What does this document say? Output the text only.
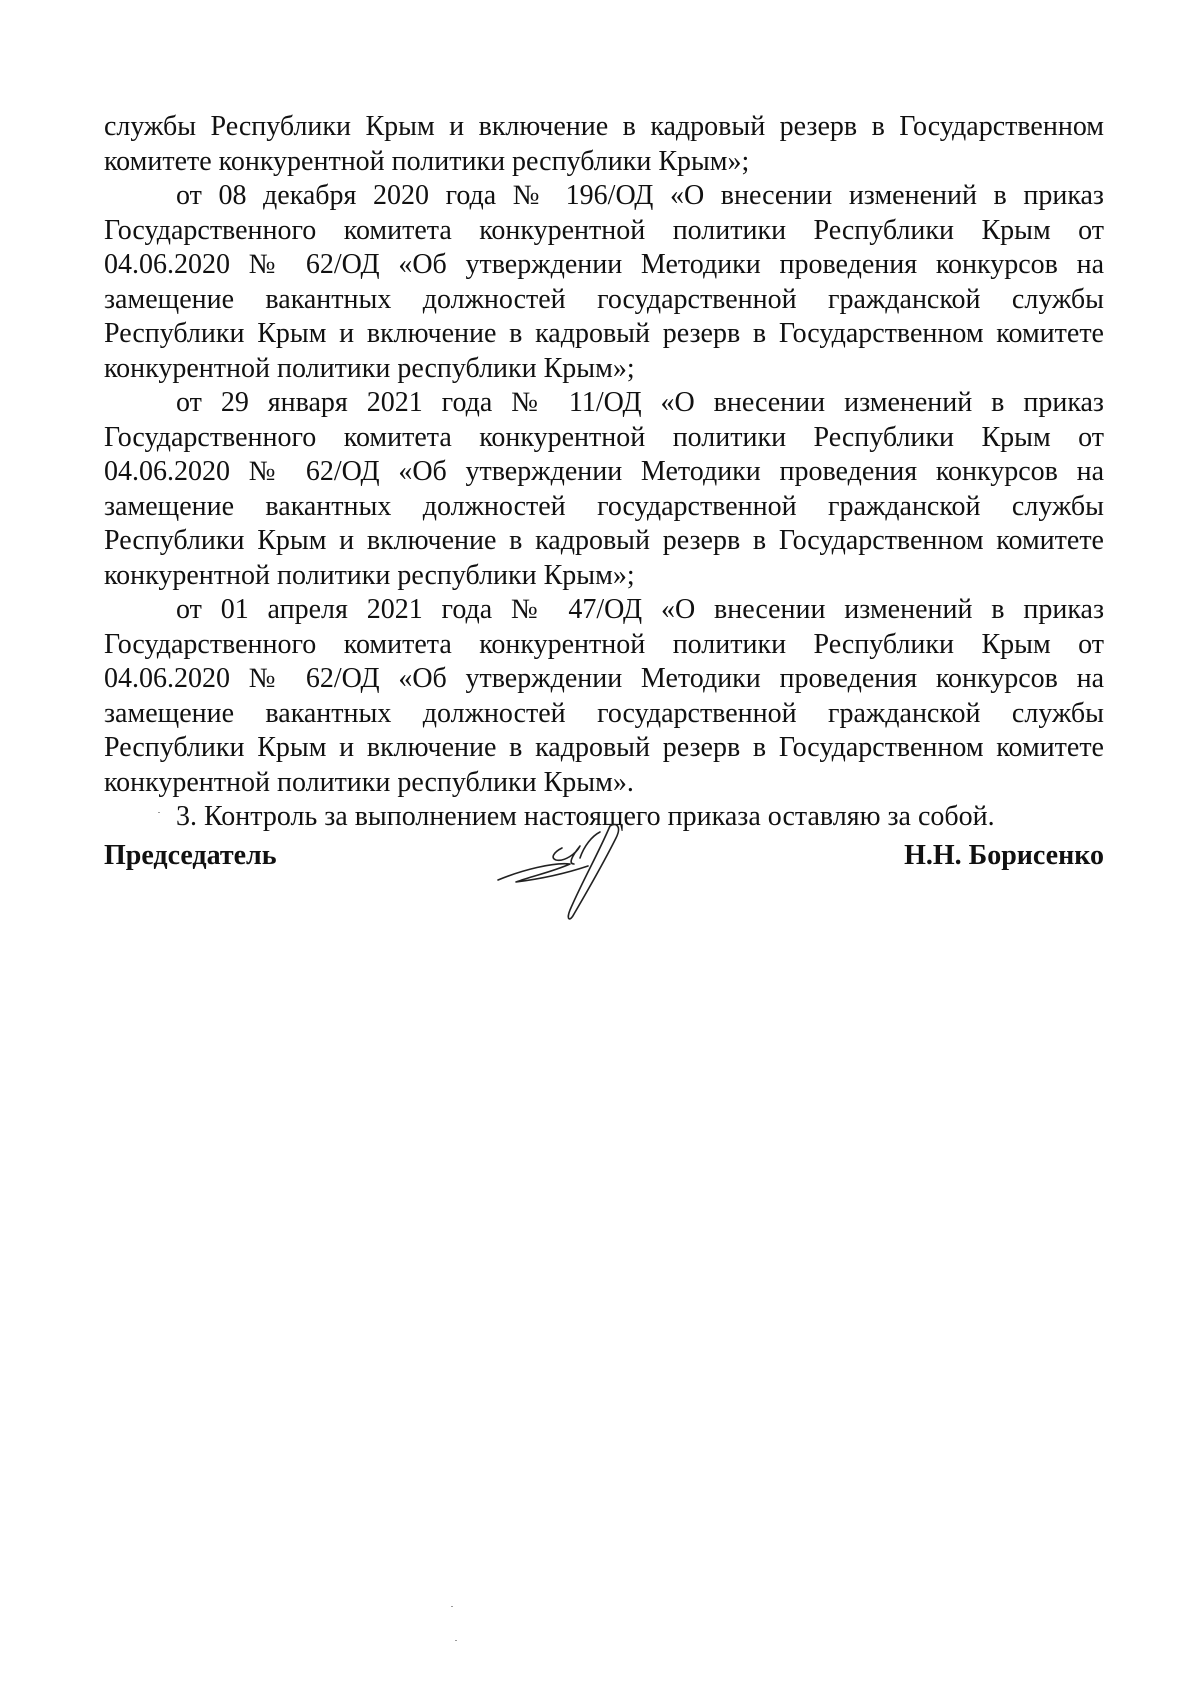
службы Республики Крым и включение в кадровый резерв в Государственном комитете конкурентной политики республики Крым»;

от 08 декабря 2020 года № 196/ОД «О внесении изменений в приказ Государственного комитета конкурентной политики Республики Крым от 04.06.2020 № 62/ОД «Об утверждении Методики проведения конкурсов на замещение вакантных должностей государственной гражданской службы Республики Крым и включение в кадровый резерв в Государственном комитете конкурентной политики республики Крым»;

от 29 января 2021 года № 11/ОД «О внесении изменений в приказ Государственного комитета конкурентной политики Республики Крым от 04.06.2020 № 62/ОД «Об утверждении Методики проведения конкурсов на замещение вакантных должностей государственной гражданской службы Республики Крым и включение в кадровый резерв в Государственном комитете конкурентной политики республики Крым»;

от 01 апреля 2021 года № 47/ОД «О внесении изменений в приказ Государственного комитета конкурентной политики Республики Крым от 04.06.2020 № 62/ОД «Об утверждении Методики проведения конкурсов на замещение вакантных должностей государственной гражданской службы Республики Крым и включение в кадровый резерв в Государственном комитете конкурентной политики республики Крым».

3. Контроль за выполнением настоящего приказа оставляю за собой.

Председатель	Н.Н. Борисенко
